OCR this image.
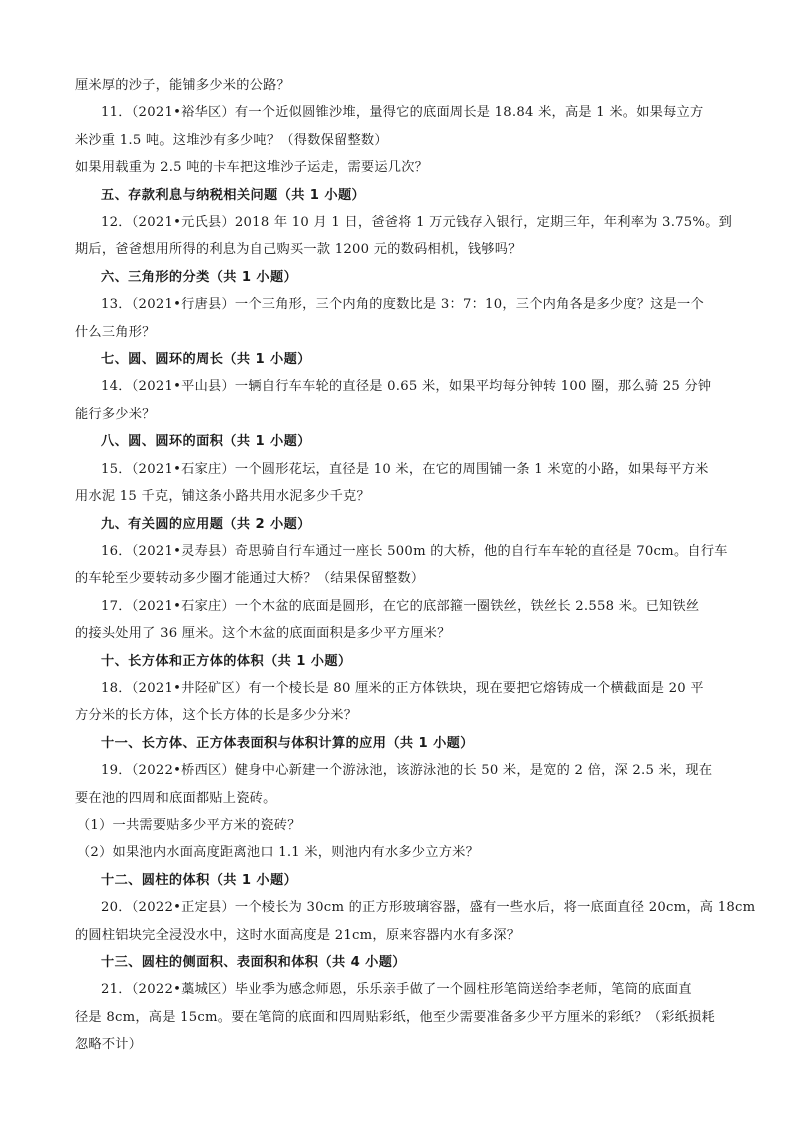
厘米厚的沙子，能铺多少米的公路？
11．（2021•裕华区）有一个近似圆锥沙堆，量得它的底面周长是 18.84 米，高是 1 米。如果每立方
米沙重 1.5 吨。这堆沙有多少吨？（得数保留整数）
如果用载重为 2.5 吨的卡车把这堆沙子运走，需要运几次？
五、存款利息与纳税相关问题（共 1 小题）
12．（2021•元氏县）2018 年 10 月 1 日，爸爸将 1 万元钱存入银行，定期三年，年利率为 3.75%。到
期后，爸爸想用所得的利息为自己购买一款 1200 元的数码相机，钱够吗？
六、三角形的分类（共 1 小题）
13．（2021•行唐县）一个三角形，三个内角的度数比是 3：7：10，三个内角各是多少度？这是一个
什么三角形？
七、圆、圆环的周长（共 1 小题）
14．（2021•平山县）一辆自行车车轮的直径是 0.65 米，如果平均每分钟转 100 圈，那么骑 25 分钟
能行多少米？
八、圆、圆环的面积（共 1 小题）
15．（2021•石家庄）一个圆形花坛，直径是 10 米，在它的周围铺一条 1 米宽的小路，如果每平方米
用水泥 15 千克，铺这条小路共用水泥多少千克？
九、有关圆的应用题（共 2 小题）
16．（2021•灵寿县）奇思骑自行车通过一座长 500m 的大桥，他的自行车车轮的直径是 70cm。自行车
的车轮至少要转动多少圈才能通过大桥？（结果保留整数）
17．（2021•石家庄）一个木盆的底面是圆形，在它的底部箍一圈铁丝，铁丝长 2.558 米。已知铁丝
的接头处用了 36 厘米。这个木盆的底面面积是多少平方厘米？
十、长方体和正方体的体积（共 1 小题）
18．（2021•井陉矿区）有一个棱长是 80 厘米的正方体铁块，现在要把它熔铸成一个横截面是 20 平
方分米的长方体，这个长方体的长是多少分米？
十一、长方体、正方体表面积与体积计算的应用（共 1 小题）
19．（2022•桥西区）健身中心新建一个游泳池，该游泳池的长 50 米，是宽的 2 倍，深 2.5 米，现在
要在池的四周和底面都贴上瓷砖。
（1）一共需要贴多少平方米的瓷砖？
（2）如果池内水面高度距离池口 1.1 米，则池内有水多少立方米？
十二、圆柱的体积（共 1 小题）
20．（2022•正定县）一个棱长为 30cm 的正方形玻璃容器，盛有一些水后，将一底面直径 20cm，高 18cm
的圆柱铝块完全浸没水中，这时水面高度是 21cm，原来容器内水有多深？
十三、圆柱的侧面积、表面积和体积（共 4 小题）
21．（2022•藁城区）毕业季为感念师恩，乐乐亲手做了一个圆柱形笔筒送给李老师，笔筒的底面直
径是 8cm，高是 15cm。要在笔筒的底面和四周贴彩纸，他至少需要准备多少平方厘米的彩纸？（彩纸损耗
忽略不计）
